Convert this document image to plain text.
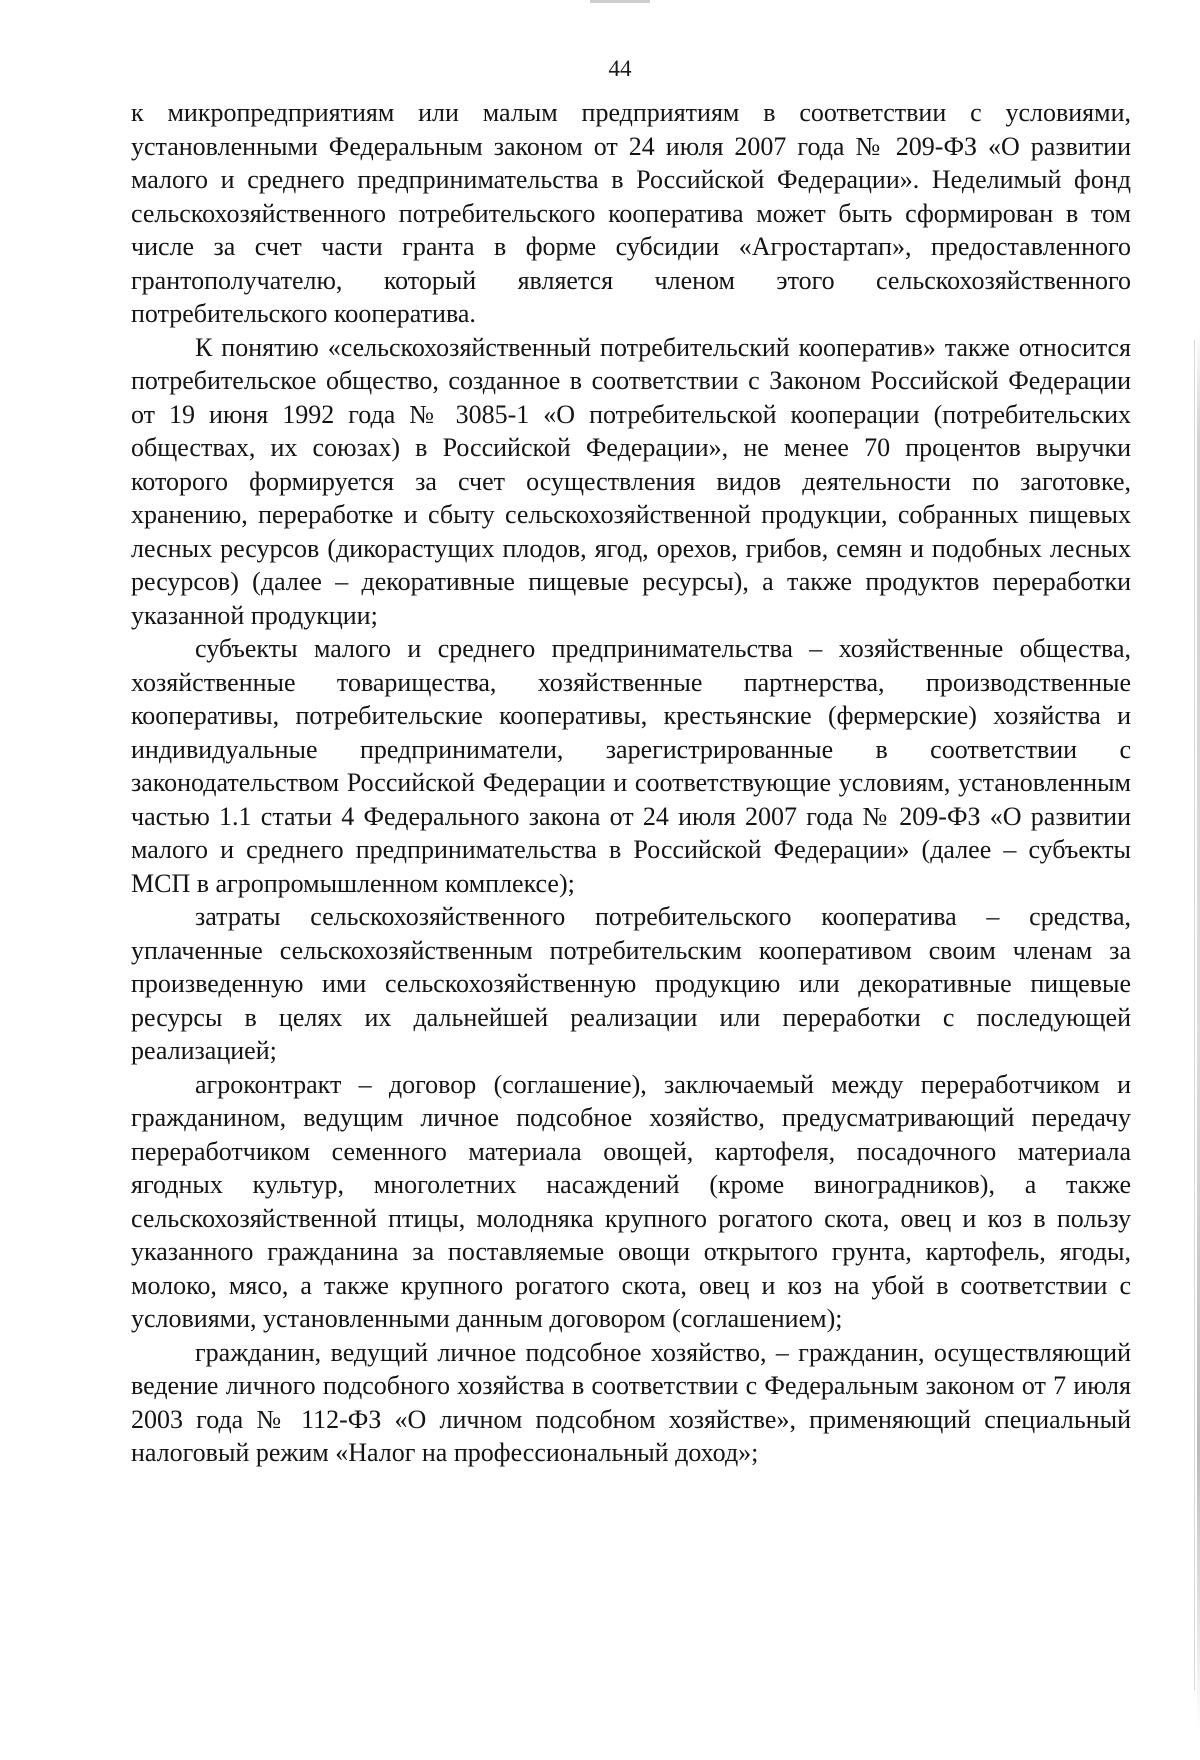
44

к микропредприятиям или малым предприятиям в соответствии с условиями, установленными Федеральным законом от 24 июля 2007 года № 209-ФЗ «О развитии малого и среднего предпринимательства в Российской Федерации». Неделимый фонд сельскохозяйственного потребительского кооператива может быть сформирован в том числе за счет части гранта в форме субсидии «Агростартап», предоставленного грантополучателю, который является членом этого сельскохозяйственного потребительского кооператива.

К понятию «сельскохозяйственный потребительский кооператив» также относится потребительское общество, созданное в соответствии с Законом Российской Федерации от 19 июня 1992 года № 3085-1 «О потребительской кооперации (потребительских обществах, их союзах) в Российской Федерации», не менее 70 процентов выручки которого формируется за счет осуществления видов деятельности по заготовке, хранению, переработке и сбыту сельскохозяйственной продукции, собранных пищевых лесных ресурсов (дикорастущих плодов, ягод, орехов, грибов, семян и подобных лесных ресурсов) (далее – декоративные пищевые ресурсы), а также продуктов переработки указанной продукции;

субъекты малого и среднего предпринимательства – хозяйственные общества, хозяйственные товарищества, хозяйственные партнерства, производственные кооперативы, потребительские кооперативы, крестьянские (фермерские) хозяйства и индивидуальные предприниматели, зарегистрированные в соответствии с законодательством Российской Федерации и соответствующие условиям, установленным частью 1.1 статьи 4 Федерального закона от 24 июля 2007 года № 209-ФЗ «О развитии малого и среднего предпринимательства в Российской Федерации» (далее – субъекты МСП в агропромышленном комплексе);

затраты сельскохозяйственного потребительского кооператива – средства, уплаченные сельскохозяйственным потребительским кооперативом своим членам за произведенную ими сельскохозяйственную продукцию или декоративные пищевые ресурсы в целях их дальнейшей реализации или переработки с последующей реализацией;

агроконтракт – договор (соглашение), заключаемый между переработчиком и гражданином, ведущим личное подсобное хозяйство, предусматривающий передачу переработчиком семенного материала овощей, картофеля, посадочного материала ягодных культур, многолетних насаждений (кроме виноградников), а также сельскохозяйственной птицы, молодняка крупного рогатого скота, овец и коз в пользу указанного гражданина за поставляемые овощи открытого грунта, картофель, ягоды, молоко, мясо, а также крупного рогатого скота, овец и коз на убой в соответствии с условиями, установленными данным договором (соглашением);

гражданин, ведущий личное подсобное хозяйство, – гражданин, осуществляющий ведение личного подсобного хозяйства в соответствии с Федеральным законом от 7 июля 2003 года № 112-ФЗ «О личном подсобном хозяйстве», применяющий специальный налоговый режим «Налог на профессиональный доход»;
